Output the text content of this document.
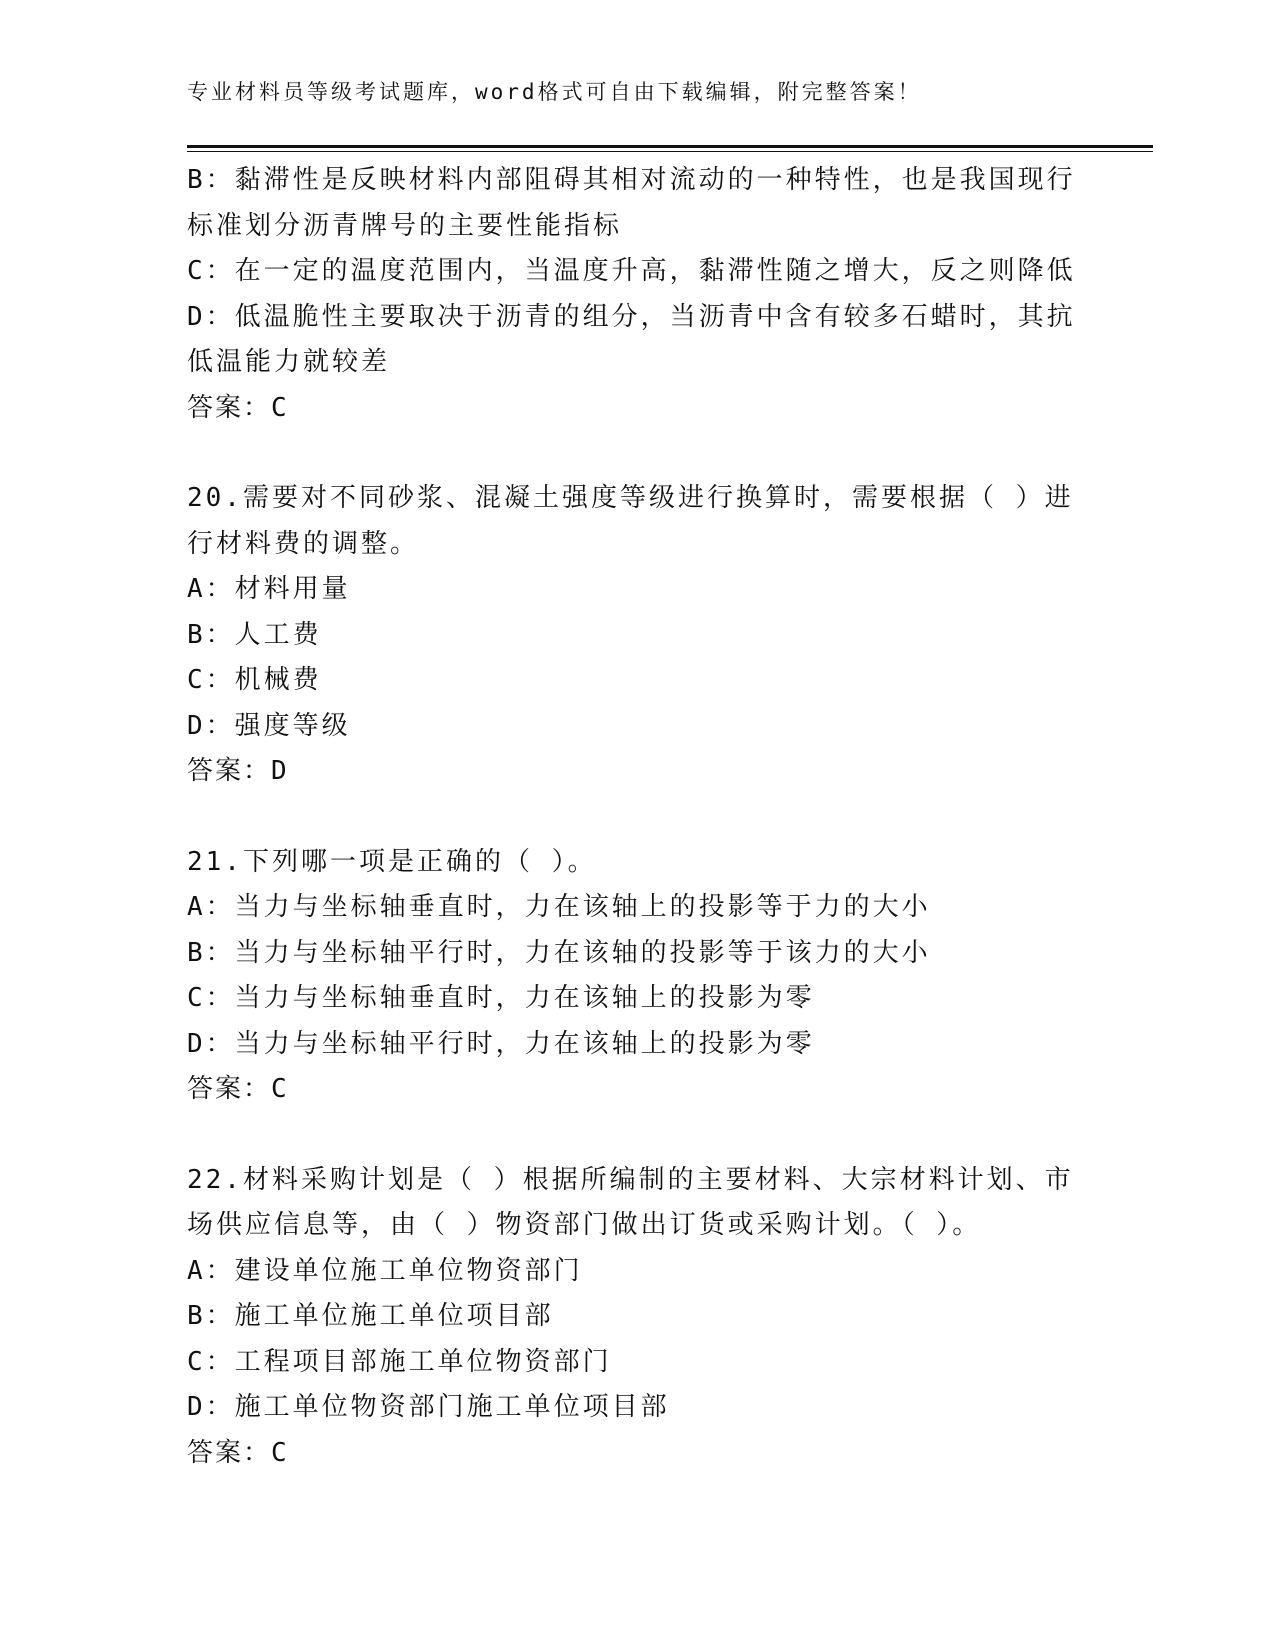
专业材料员等级考试题库，word格式可自由下载编辑，附完整答案！
B：黏滞性是反映材料内部阻碍其相对流动的一种特性，也是我国现行
标准划分沥青牌号的主要性能指标
C：在一定的温度范围内，当温度升高，黏滞性随之增大，反之则降低
D：低温脆性主要取决于沥青的组分，当沥青中含有较多石蜡时，其抗
低温能力就较差
答案：C
20.需要对不同砂浆、混凝土强度等级进行换算时，需要根据（ ）进
行材料费的调整。
A：材料用量
B：人工费
C：机械费
D：强度等级
答案：D
21.下列哪一项是正确的（ ）。
A：当力与坐标轴垂直时，力在该轴上的投影等于力的大小
B：当力与坐标轴平行时，力在该轴的投影等于该力的大小
C：当力与坐标轴垂直时，力在该轴上的投影为零
D：当力与坐标轴平行时，力在该轴上的投影为零
答案：C
22.材料采购计划是（ ）根据所编制的主要材料、大宗材料计划、市
场供应信息等，由（ ）物资部门做出订货或采购计划。（ ）。
A：建设单位施工单位物资部门
B：施工单位施工单位项目部
C：工程项目部施工单位物资部门
D：施工单位物资部门施工单位项目部
答案：C
